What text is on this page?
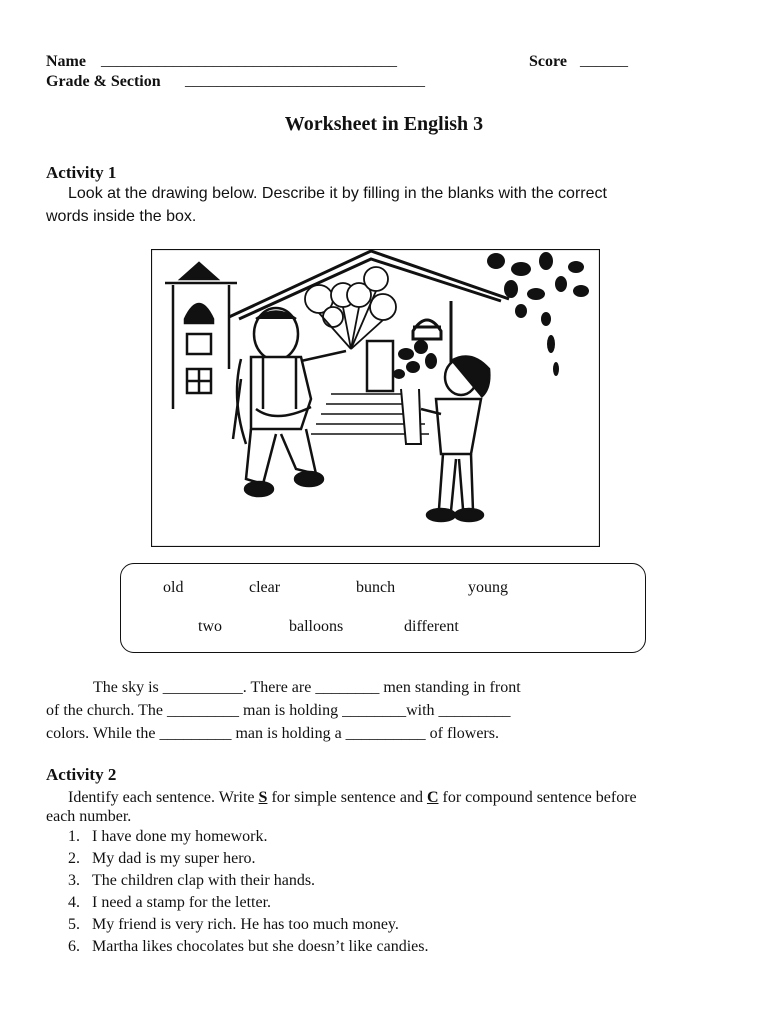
Name _____________________________________	Score ______
Grade & Section ______________________________
Worksheet in English 3
Activity 1
Look at the drawing below. Describe it by filling in the blanks with the correct
words inside the box.
old	clear	bunch	young
two	balloons	different
The sky is __________. There are ________ men standing in front
of the church. The _________ man is holding ________with _________
colors. While the _________ man is holding a __________ of flowers.
Activity 2
Identify each sentence. Write S for simple sentence and C for compound sentence before
each number.
1. I have done my homework.
2. My dad is my super hero.
3. The children clap with their hands.
4. I need a stamp for the letter.
5. My friend is very rich. He has too much money.
6. Martha likes chocolates but she doesn’t like candies.
